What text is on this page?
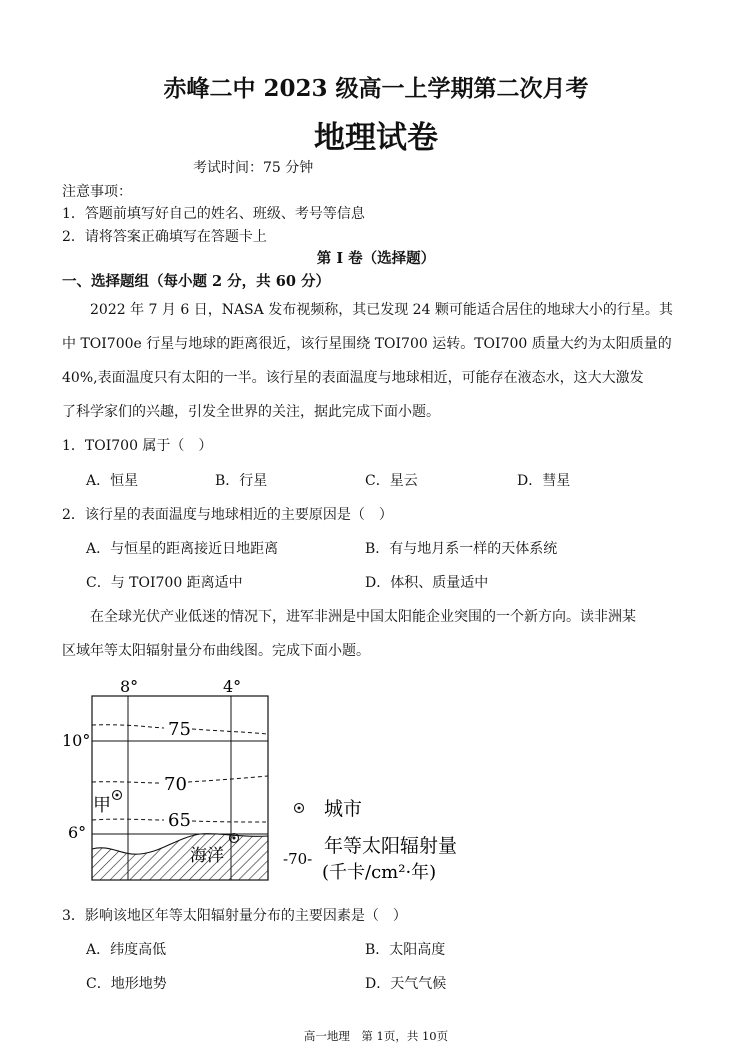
赤峰二中 2023 级高一上学期第二次月考
地理试卷
考试时间：75 分钟
注意事项：
1．答题前填写好自己的姓名、班级、考号等信息
2．请将答案正确填写在答题卡上
第 I 卷（选择题）
一、选择题组（每小题 2 分，共 60 分）
2022 年 7 月 6 日，NASA 发布视频称，其已发现 24 颗可能适合居住的地球大小的行星。其
中 TOI700e 行星与地球的距离很近，该行星围绕 TOI700 运转。TOI700 质量大约为太阳质量的
40%,表面温度只有太阳的一半。该行星的表面温度与地球相近，可能存在液态水，这大大激发
了科学家们的兴趣，引发全世界的关注，据此完成下面小题。
1．TOI700 属于（　）
A．恒星	B．行星	C．星云	D．彗星
2．该行星的表面温度与地球相近的主要原因是（　）
A．与恒星的距离接近日地距离	B．有与地月系一样的天体系统
C．与 TOI700 距离适中	D．体积、质量适中
在全球光伏产业低迷的情况下，进军非洲是中国太阳能企业突围的一个新方向。读非洲某
区域年等太阳辐射量分布曲线图。完成下面小题。
75
70
65
8°	4°
10°
6°
甲
海洋
城市
-70-
年等太阳辐射量
(千卡/cm²·年)
3．影响该地区年等太阳辐射量分布的主要因素是（　）
A．纬度高低	B．太阳高度
C．地形地势	D．天气气候
高一地理　第 1页，共 10页
